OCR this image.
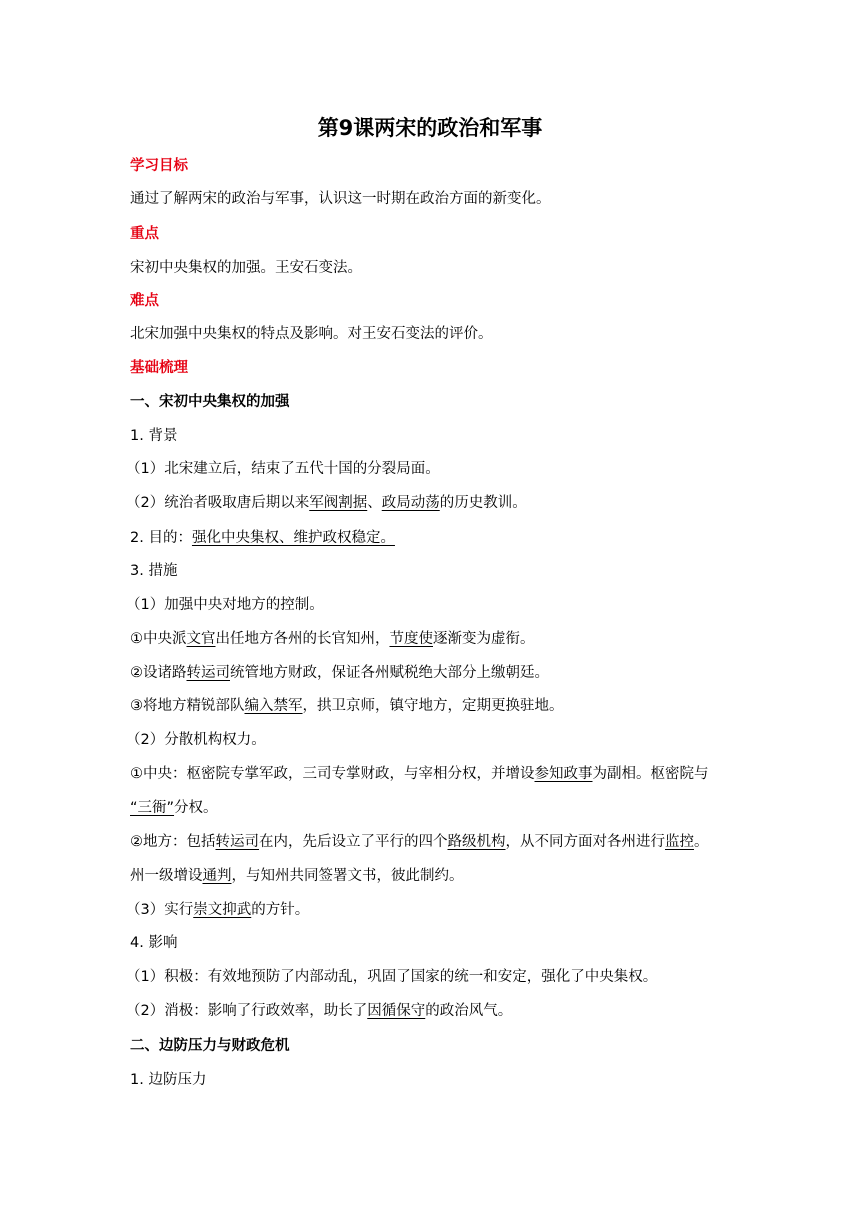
第9课两宋的政治和军事
学习目标
通过了解两宋的政治与军事，认识这一时期在政治方面的新变化。
重点
宋初中央集权的加强。王安石变法。
难点
北宋加强中央集权的特点及影响。对王安石变法的评价。
基础梳理
一、宋初中央集权的加强
1. 背景
（1）北宋建立后，结束了五代十国的分裂局面。
（2）统治者吸取唐后期以来军阀割据、政局动荡的历史教训。
2. 目的：强化中央集权、维护政权稳定。
3. 措施
（1）加强中央对地方的控制。
①中央派文官出任地方各州的长官知州，节度使逐渐变为虚衔。
②设诸路转运司统管地方财政，保证各州赋税绝大部分上缴朝廷。
③将地方精锐部队编入禁军，拱卫京师，镇守地方，定期更换驻地。
（2）分散机构权力。
①中央：枢密院专掌军政，三司专掌财政，与宰相分权，并增设参知政事为副相。枢密院与
“三衙”分权。
②地方：包括转运司在内，先后设立了平行的四个路级机构，从不同方面对各州进行监控。
州一级增设通判，与知州共同签署文书，彼此制约。
（3）实行崇文抑武的方针。
4. 影响
（1）积极：有效地预防了内部动乱，巩固了国家的统一和安定，强化了中央集权。
（2）消极：影响了行政效率，助长了因循保守的政治风气。
二、边防压力与财政危机
1. 边防压力
